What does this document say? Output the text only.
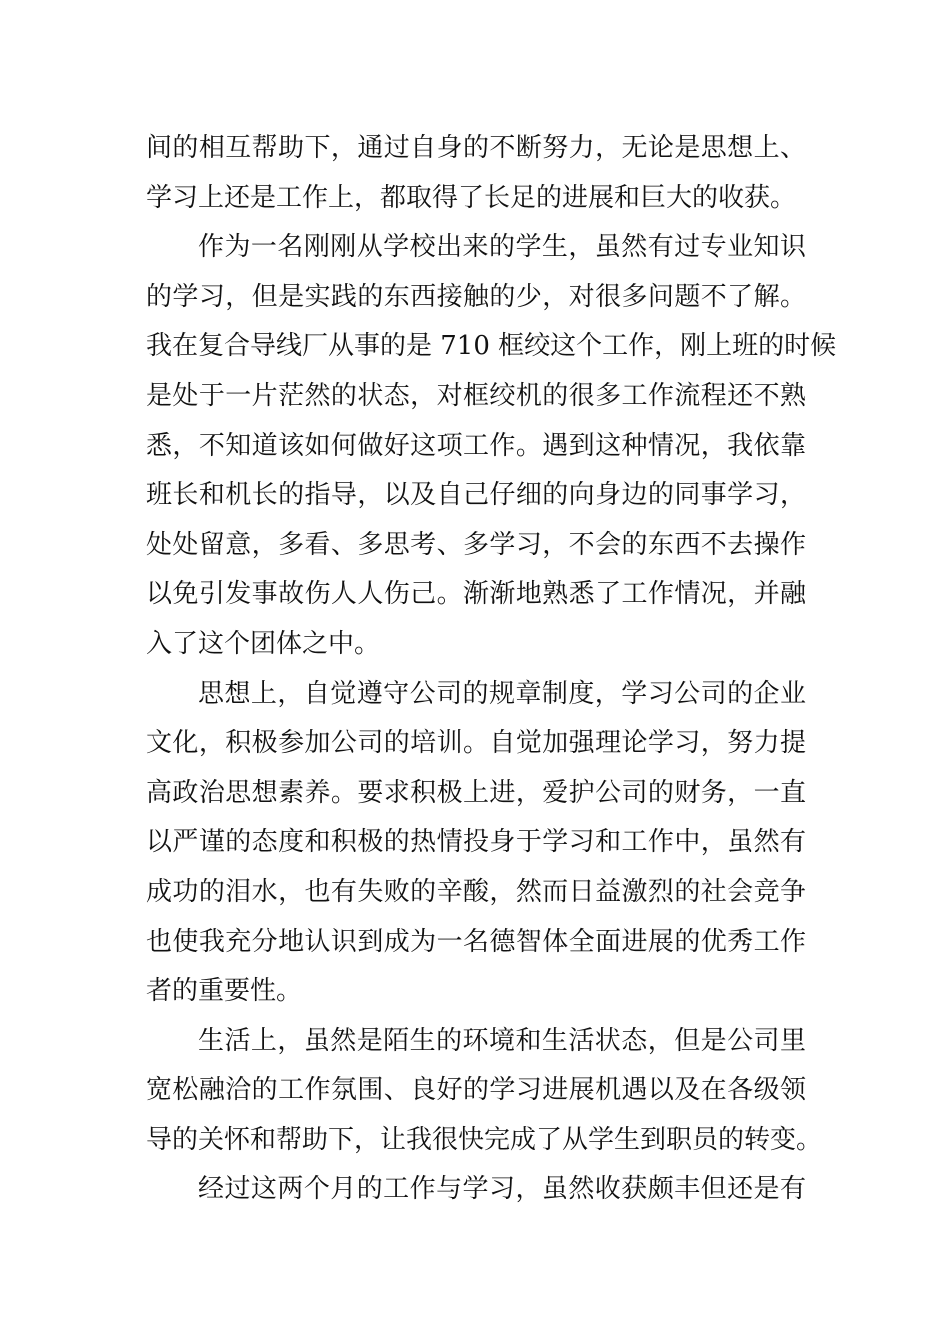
间的相互帮助下，通过自身的不断努力，无论是思想上、
学习上还是工作上，都取得了长足的进展和巨大的收获。
作为一名刚刚从学校出来的学生，虽然有过专业知识
的学习，但是实践的东西接触的少，对很多问题不了解。
我在复合导线厂从事的是 710 框绞这个工作，刚上班的时候
是处于一片茫然的状态，对框绞机的很多工作流程还不熟
悉，不知道该如何做好这项工作。遇到这种情况，我依靠
班长和机长的指导，以及自己仔细的向身边的同事学习，
处处留意，多看、多思考、多学习，不会的东西不去操作
以免引发事故伤人人伤己。渐渐地熟悉了工作情况，并融
入了这个团体之中。
思想上，自觉遵守公司的规章制度，学习公司的企业
文化，积极参加公司的培训。自觉加强理论学习，努力提
高政治思想素养。要求积极上进，爱护公司的财务，一直
以严谨的态度和积极的热情投身于学习和工作中，虽然有
成功的泪水，也有失败的辛酸，然而日益激烈的社会竞争
也使我充分地认识到成为一名德智体全面进展的优秀工作
者的重要性。
生活上，虽然是陌生的环境和生活状态，但是公司里
宽松融洽的工作氛围、良好的学习进展机遇以及在各级领
导的关怀和帮助下，让我很快完成了从学生到职员的转变。
经过这两个月的工作与学习，虽然收获颇丰但还是有
